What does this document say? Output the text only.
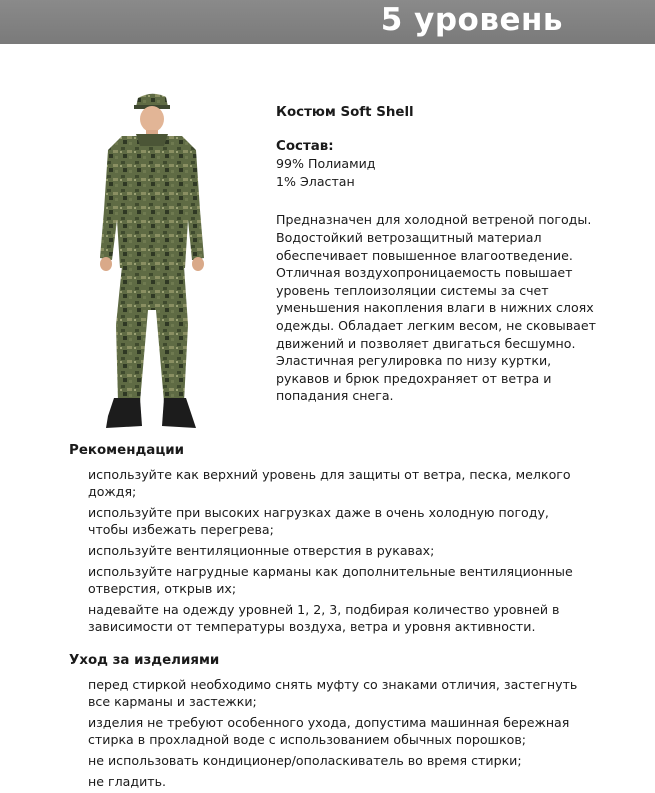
5 уровень
Костюм Soft Shell
Состав:
99% Полиамид
1% Эластан
Предназначен для холодной ветреной погоды. Водостойкий ветрозащитный материал обеспечивает повышенное влагоотведение. Отличная воздухопроницаемость повышает уровень теплоизоляции системы за счет уменьшения накопления влаги в нижних слоях одежды. Обладает легким весом, не сковывает движений и позволяет двигаться бесшумно. Эластичная регулировка по низу куртки, рукавов и брюк предохраняет от ветра и попадания снега.
Рекомендации
используйте как верхний уровень для защиты от ветра, песка, мелкого дождя;
используйте при высоких нагрузках даже в очень холодную погоду, чтобы избежать перегрева;
используйте вентиляционные отверстия в рукавах;
используйте нагрудные карманы как дополнительные вентиляционные отверстия, открыв их;
надевайте на одежду уровней 1, 2, 3, подбирая количество уровней в зависимости от температуры воздуха, ветра и уровня активности.
Уход за изделиями
перед стиркой необходимо снять муфту со знаками отличия, застегнуть все карманы и застежки;
изделия не требуют особенного ухода, допустима машинная бережная стирка в прохладной воде с использованием обычных порошков;
не использовать кондиционер/ополаскиватель во время стирки;
не гладить.
